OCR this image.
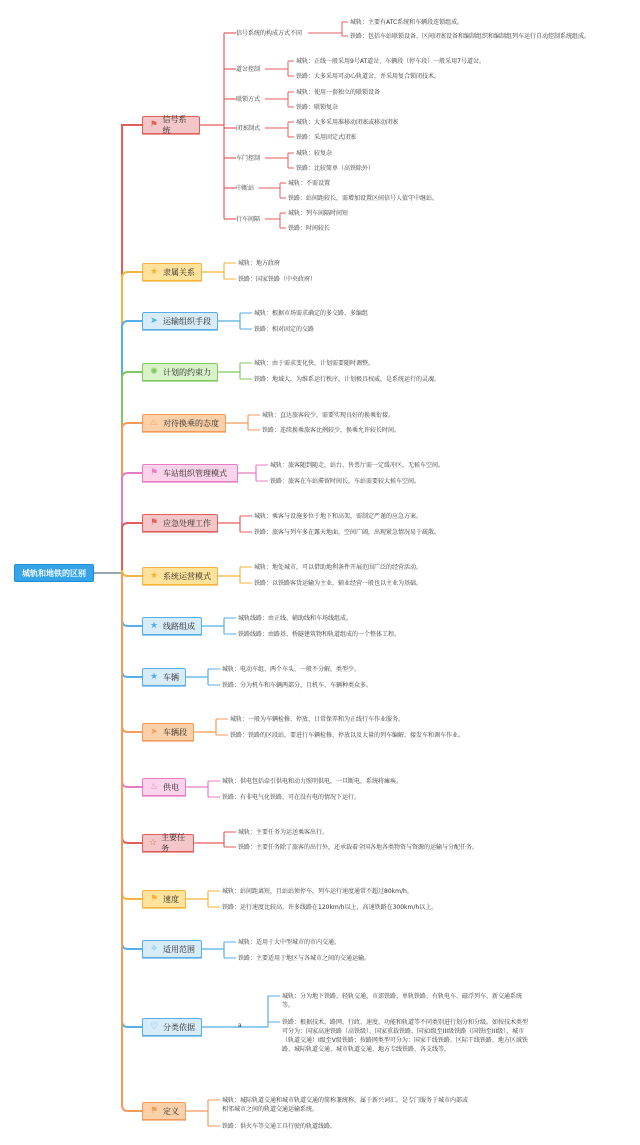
城轨和地铁的区别
⚑ 信号系统
信号系统的构成方式不同
城轨：主要有ATC系统和车辆段连锁组成。
铁路：包括车站联锁设备、区间闭塞设备和编制组织和编制组列车运行自动控制系统组成。
道岔控制
城轨：正线一般采用9号AT道岔，车辆段（停车段）一般采用7号道岔。
铁路：大多采用可动心轨道岔，并采用复合锁闭技术。
联锁方式
城轨：使用一套独立的联锁设备
铁路：联锁复杂
闭塞制式
城轨：大多采用准移动闭塞或移动闭塞
铁路：采用固定式闭塞
车门控制
城轨：较复杂
铁路：比较简单（高铁除外）
中断站
城轨：不需设置
铁路：站间距较长，需增加设置区间信号人值守中继站。
行车间隔
城轨：列车间隔时间短
铁路：时间较长
★ 隶属关系
城轨：地方政府
铁路：国家铁路（中央政府）
➤ 运输组织手段
城轨：根据市场需求确定的多交路、多编组
铁路：相对固定的交路
✺ 计划的约束力
城轨：由于需求变化快，计划需要随时调整。
铁路：地域大，为维系运行秩序，计划极具权威，是系统运行的灵魂。
♨ 对待换乘的态度
城轨：直达旅客较少，需要实现良好的换乘衔接。
铁路：连续换乘旅客比例较少，换乘允许较长时间。
⚑ 车站组织管理模式
城轨：旅客随到随走，站台、售票厅需一定缓冲区，无候车空间。
铁路：旅客在车站滞留时间长，车站需要较大候车空间。
⚑ 应急处理工作
城轨：乘客与设施多位于地下和高架，需制定严谨的应急方案。
铁路：旅客与列车多在露天地面，空间广阔，出现紧急情况易于疏散。
★ 系统运营模式
城轨：地处城市，可以借助地利条件开展范围广泛的经营活动。
铁路：以铁路客货运输为主业，辅业经营一般也以主业为基础。
★ 线路组成
城轨线路：由正线、辅助线和车场线组成。
铁路线路：由路基、桥隧建筑物和轨道组成的一个整体工程。
★ 车辆
城轨：电动车组、两个车头，一般不分解，类型少。
铁路：分为机车和车辆两部分，且机车、车辆种类众多。
➤ 车辆段
城轨：一般为车辆检修、停放、日常保养和为正线行车作业服务。
铁路：铁路的区段站，要进行车辆检修、停放以及大量的列车编解、接发车和调车作业。
♨ 供电
城轨：供电包括牵引供电和动力照明供电，一旦断电，系统将瘫痪。
铁路：有非电气化铁路，可在没有电的情况下运行。
☆ 主要任务
城轨：主要任务为运送乘客出行。
铁路：主要任务除了旅客的出行外，还承载着全国各地各类物资与资源的运输与分配任务。
⚑ 速度
城轨：站间距离短，且站站须停车，列车运行速度通常不超过80km/h。
铁路：运行速度比较高，许多线路在120km/h以上，高速铁路在300km/h以上。
✧ 适用范围
城轨：适用于大中型城市的市内交通。
铁路：主要适用于地区与各城市之间的交通运输。
♡ 分类依据
城轨：分为地下铁路、轻轨交通、市郊铁路、单轨铁路、有轨电车、磁浮列车、新交通系统等。
铁路：根据技术、路网、行政、速度、功能和轨道等不同类别进行划分和分级。如按技术类型可分为：国家高速铁路（高铁级）、国家重载铁路、国家I级至III级铁路（国铁I至III级），城市（轨道交通）I级至V级铁路；按路网类型可分为：国家干线铁路、区际干线铁路、地方区域铁路、城际轨道交通、城市轨道交通、地方专线铁路、各支线等。
a
⚑ 定义
城轨：城际轨道交通和城市轨道交通的简称兼统称，属于新兴词汇，是专门服务于城市内部或相邻城市之间的轨道交通运输系统。
铁路：供火车等交通工具行驶的轨道线路。
